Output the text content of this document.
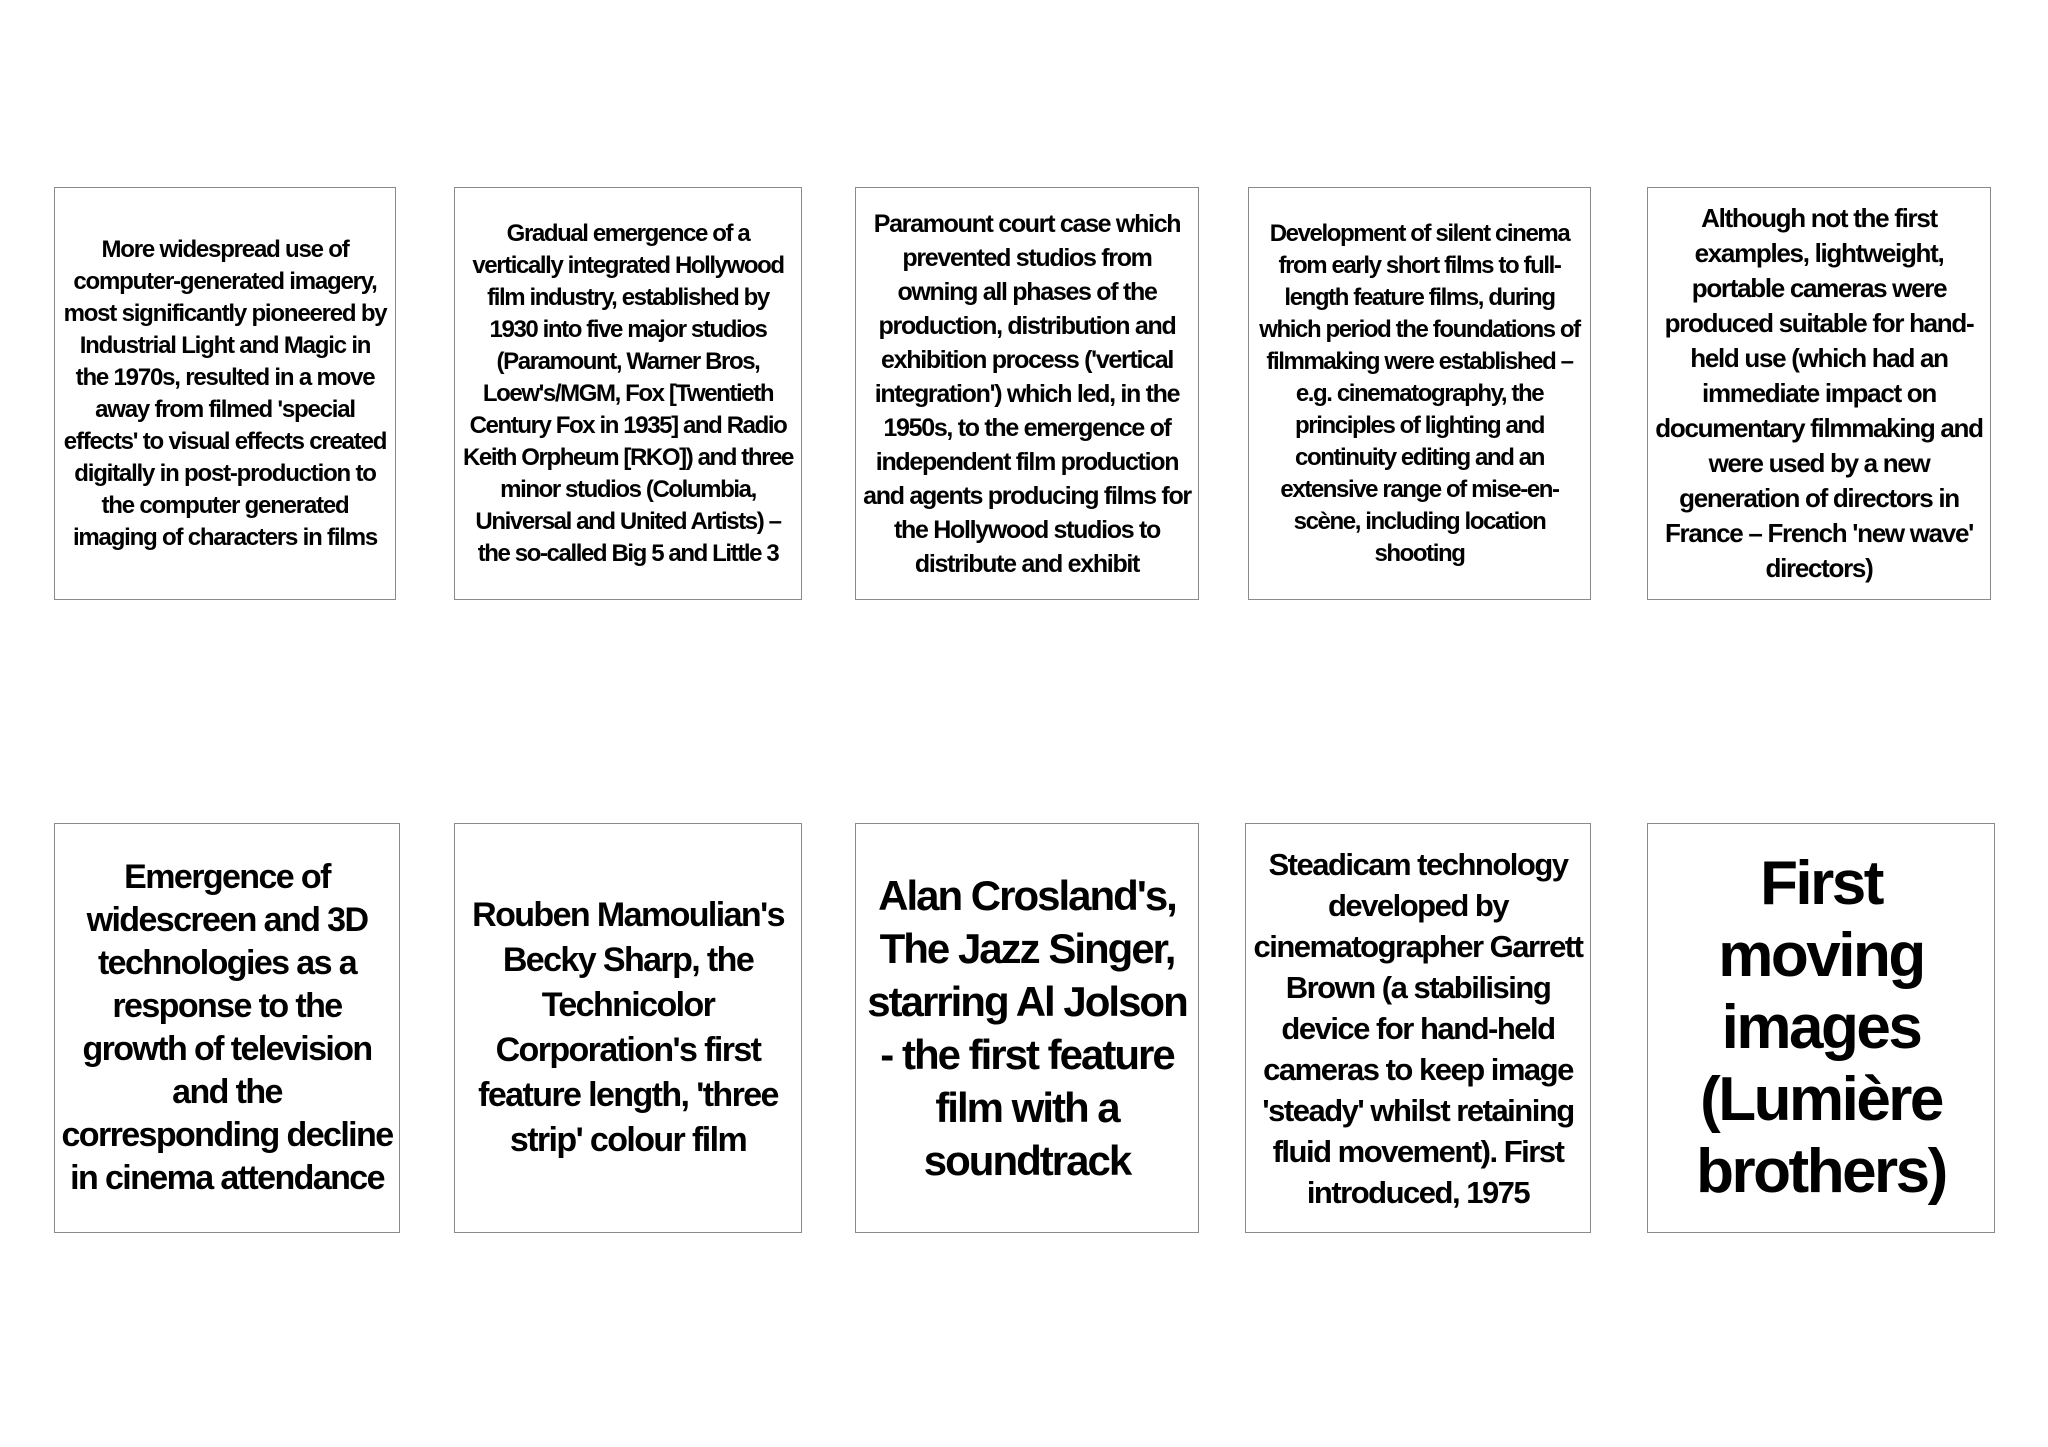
More widespread use of computer-generated imagery, most significantly pioneered by Industrial Light and Magic in the 1970s, resulted in a move away from filmed 'special effects' to visual effects created digitally in post-production to the computer generated imaging of characters in films
Gradual emergence of a vertically integrated Hollywood film industry, established by 1930 into five major studios (Paramount, Warner Bros, Loew's/MGM, Fox [Twentieth Century Fox in 1935] and Radio Keith Orpheum [RKO]) and three minor studios (Columbia, Universal and United Artists) – the so-called Big 5 and Little 3
Paramount court case which prevented studios from owning all phases of the production, distribution and exhibition process ('vertical integration') which led, in the 1950s, to the emergence of independent film production and agents producing films for the Hollywood studios to distribute and exhibit
Development of silent cinema from early short films to full-length feature films, during which period the foundations of filmmaking were established – e.g. cinematography, the principles of lighting and continuity editing and an extensive range of mise-en-scène, including location shooting
Although not the first examples, lightweight, portable cameras were produced suitable for hand-held use (which had an immediate impact on documentary filmmaking and were used by a new generation of directors in France – French 'new wave' directors)
Emergence of widescreen and 3D technologies as a response to the growth of television and the corresponding decline in cinema attendance
Rouben Mamoulian's Becky Sharp, the Technicolor Corporation's first feature length, 'three strip' colour film
Alan Crosland's, The Jazz Singer, starring Al Jolson - the first feature film with a soundtrack
Steadicam technology developed by cinematographer Garrett Brown (a stabilising device for hand-held cameras to keep image 'steady' whilst retaining fluid movement). First introduced, 1975
First moving images (Lumière brothers)
